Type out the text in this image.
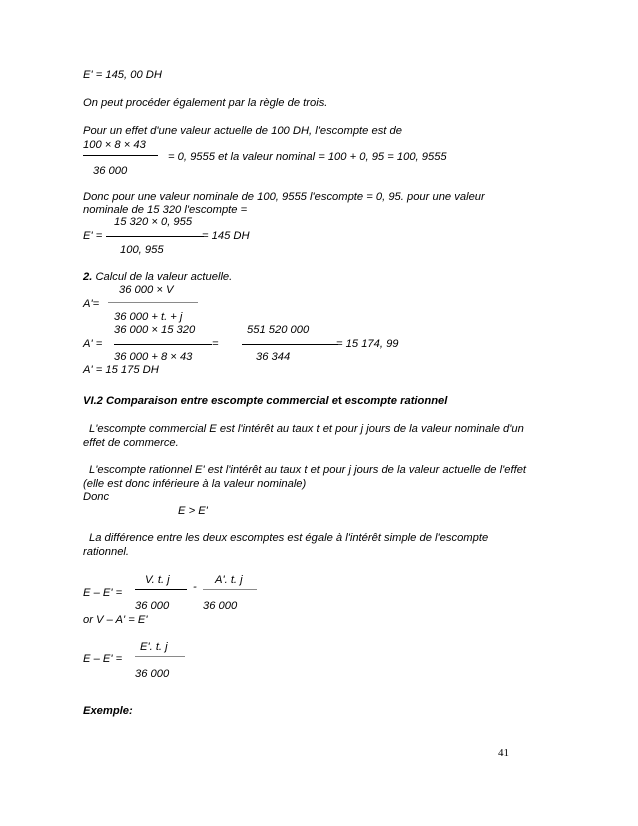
E' = 145, 00 DH
On peut procéder également par la règle de trois.
Pour un effet d'une valeur actuelle de 100 DH, l'escompte est de
100 × 8 × 43
= 0, 9555 et la valeur nominal = 100 + 0, 95 = 100, 9555
36 000
Donc pour une valeur nominale de 100, 9555 l'escompte = 0, 95. pour une valeur
nominale de 15 320 l'escompte =
15 320 × 0, 955
E' =	= 145 DH
100, 955
2. Calcul de la valeur actuelle.
36 000 × V
A'=
36 000 + t. + j
36 000 × 15 320	551 520 000
A' =	=	= 15 174, 99
36 000 + 8 × 43	36 344
A' = 15 175 DH
VI.2 Comparaison entre escompte commercial et escompte rationnel
L'escompte commercial E est l'intérêt au taux t et pour j jours de la valeur nominale d'un
effet de commerce.
L'escompte rationnel E' est l'intérêt au taux t et pour j jours de la valeur actuelle de l'effet
(elle est donc inférieure à la valeur nominale)
Donc
E > E'
La différence entre les deux escomptes est égale à l'intérêt simple de l'escompte
rationnel.
V. t. j	A'. t. j
E – E' =	-
36 000	36 000
or V – A' = E'
E'. t. j
E – E' =
36 000
Exemple:
41
